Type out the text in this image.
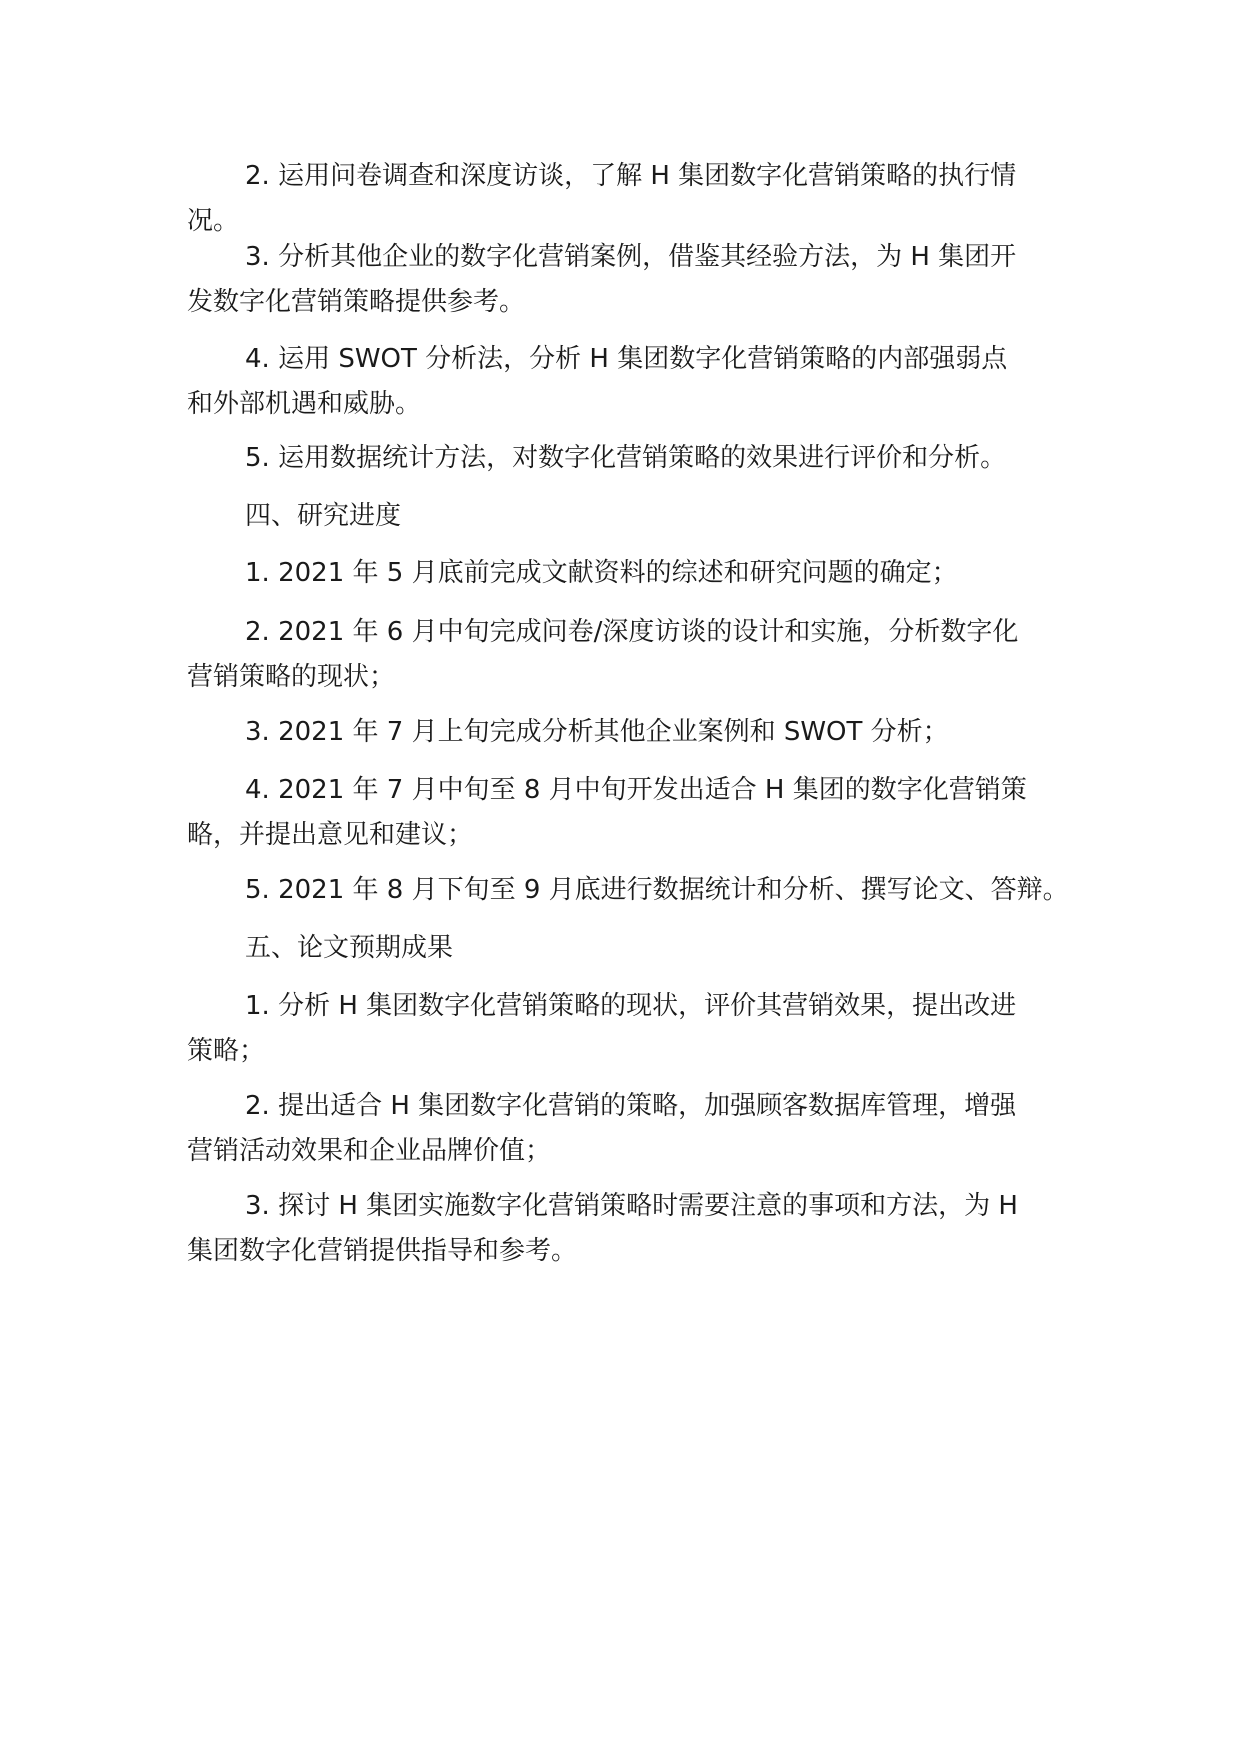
2. 运用问卷调查和深度访谈，了解 H 集团数字化营销策略的执行情
况。

3. 分析其他企业的数字化营销案例，借鉴其经验方法，为 H 集团开
发数字化营销策略提供参考。

4. 运用 SWOT 分析法，分析 H 集团数字化营销策略的内部强弱点
和外部机遇和威胁。

5. 运用数据统计方法，对数字化营销策略的效果进行评价和分析。

四、研究进度

1. 2021 年 5 月底前完成文献资料的综述和研究问题的确定；

2. 2021 年 6 月中旬完成问卷/深度访谈的设计和实施，分析数字化
营销策略的现状；

3. 2021 年 7 月上旬完成分析其他企业案例和 SWOT 分析；

4. 2021 年 7 月中旬至 8 月中旬开发出适合 H 集团的数字化营销策
略，并提出意见和建议；

5. 2021 年 8 月下旬至 9 月底进行数据统计和分析、撰写论文、答辩。

五、论文预期成果

1. 分析 H 集团数字化营销策略的现状，评价其营销效果，提出改进
策略；

2. 提出适合 H 集团数字化营销的策略，加强顾客数据库管理，增强
营销活动效果和企业品牌价值；

3. 探讨 H 集团实施数字化营销策略时需要注意的事项和方法，为 H
集团数字化营销提供指导和参考。
